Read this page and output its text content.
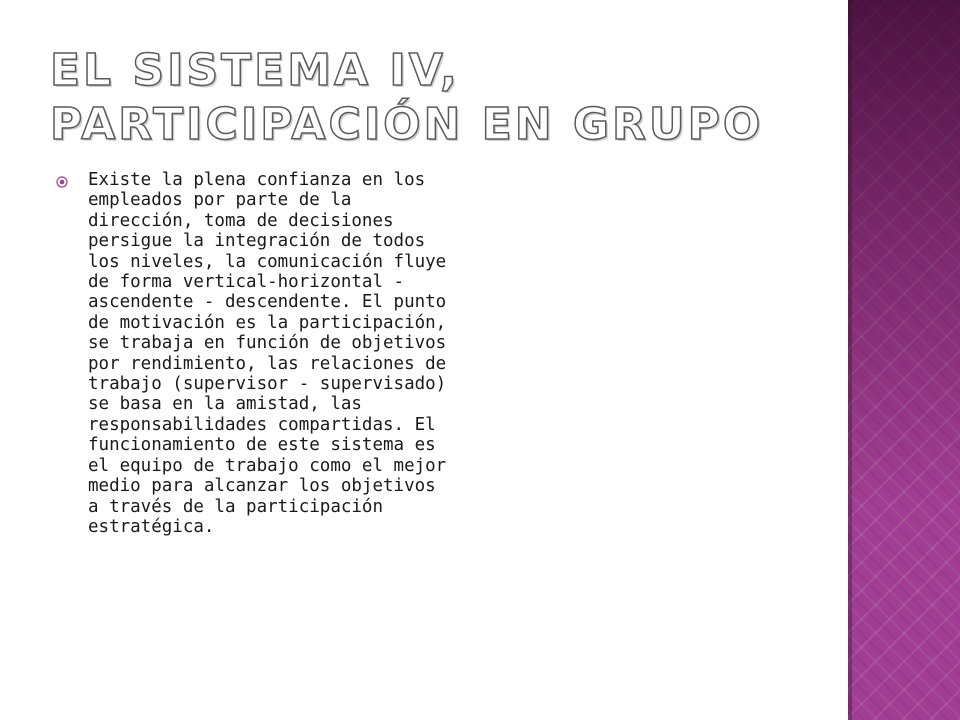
EL SISTEMA IV, PARTICIPACIÓN EN GRUPO
Existe la plena confianza en los empleados por parte de la dirección, toma de decisiones persigue la integración de todos los niveles, la comunicación fluye de forma vertical-horizontal - ascendente - descendente. El punto de motivación es la participación, se trabaja en función de objetivos por rendimiento, las relaciones de trabajo (supervisor - supervisado) se basa en la amistad, las responsabilidades compartidas. El funcionamiento de este sistema es el equipo de trabajo como el mejor medio para alcanzar los objetivos a través de la participación estratégica.
